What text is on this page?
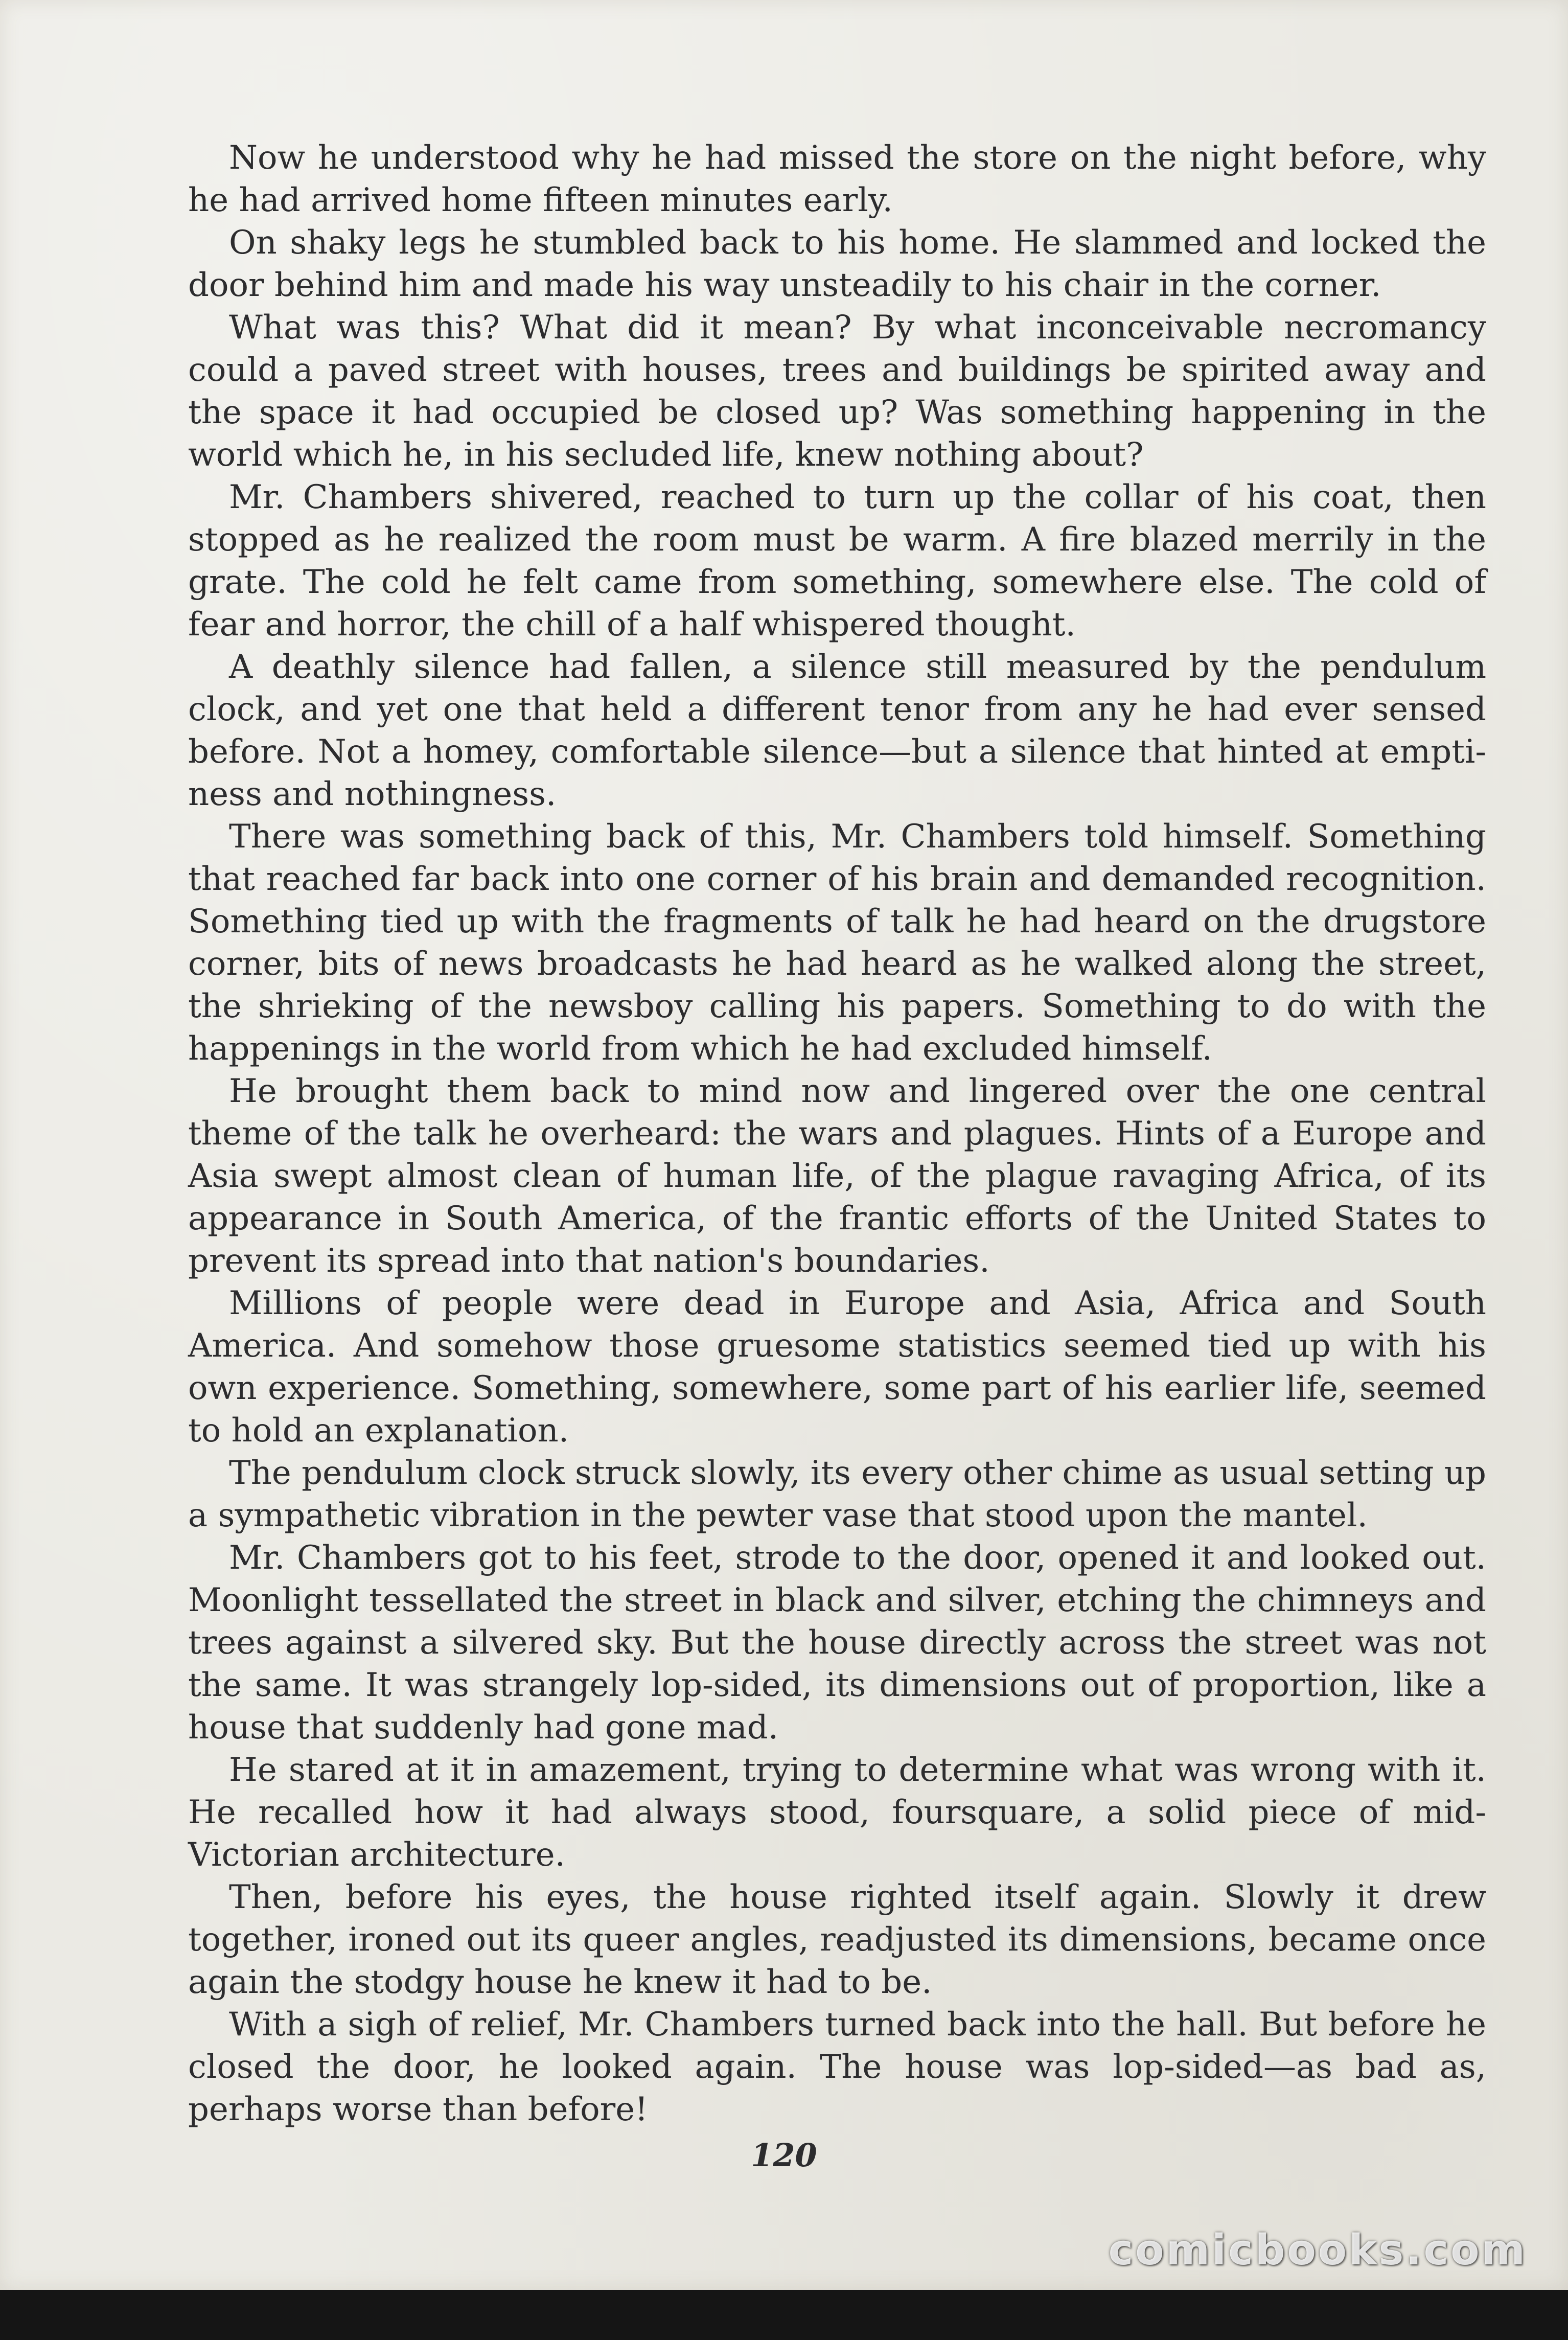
Now he understood why he had missed the store on the night before, why he had arrived home fifteen minutes early.

On shaky legs he stumbled back to his home. He slammed and locked the door behind him and made his way unsteadily to his chair in the corner.

What was this? What did it mean? By what inconceivable necromancy could a paved street with houses, trees and buildings be spirited away and the space it had occupied be closed up? Was something happening in the world which he, in his secluded life, knew nothing about?

Mr. Chambers shivered, reached to turn up the collar of his coat, then stopped as he realized the room must be warm. A fire blazed merrily in the grate. The cold he felt came from something, somewhere else. The cold of fear and horror, the chill of a half whispered thought.

A deathly silence had fallen, a silence still measured by the pendulum clock, and yet one that held a different tenor from any he had ever sensed before. Not a homey, comfortable silence—but a silence that hinted at emptiness and nothingness.

There was something back of this, Mr. Chambers told himself. Something that reached far back into one corner of his brain and demanded recognition. Something tied up with the fragments of talk he had heard on the drugstore corner, bits of news broadcasts he had heard as he walked along the street, the shrieking of the newsboy calling his papers. Something to do with the happenings in the world from which he had excluded himself.

He brought them back to mind now and lingered over the one central theme of the talk he overheard: the wars and plagues. Hints of a Europe and Asia swept almost clean of human life, of the plague ravaging Africa, of its appearance in South America, of the frantic efforts of the United States to prevent its spread into that nation's boundaries.

Millions of people were dead in Europe and Asia, Africa and South America. And somehow those gruesome statistics seemed tied up with his own experience. Something, somewhere, some part of his earlier life, seemed to hold an explanation.

The pendulum clock struck slowly, its every other chime as usual setting up a sympathetic vibration in the pewter vase that stood upon the mantel.

Mr. Chambers got to his feet, strode to the door, opened it and looked out. Moonlight tessellated the street in black and silver, etching the chimneys and trees against a silvered sky. But the house directly across the street was not the same. It was strangely lop-sided, its dimensions out of proportion, like a house that suddenly had gone mad.

He stared at it in amazement, trying to determine what was wrong with it. He recalled how it had always stood, foursquare, a solid piece of mid-Victorian architecture.

Then, before his eyes, the house righted itself again. Slowly it drew together, ironed out its queer angles, readjusted its dimensions, became once again the stodgy house he knew it had to be.

With a sigh of relief, Mr. Chambers turned back into the hall. But before he closed the door, he looked again. The house was lop-sided—as bad as, perhaps worse than before!

120
comicbooks.com
